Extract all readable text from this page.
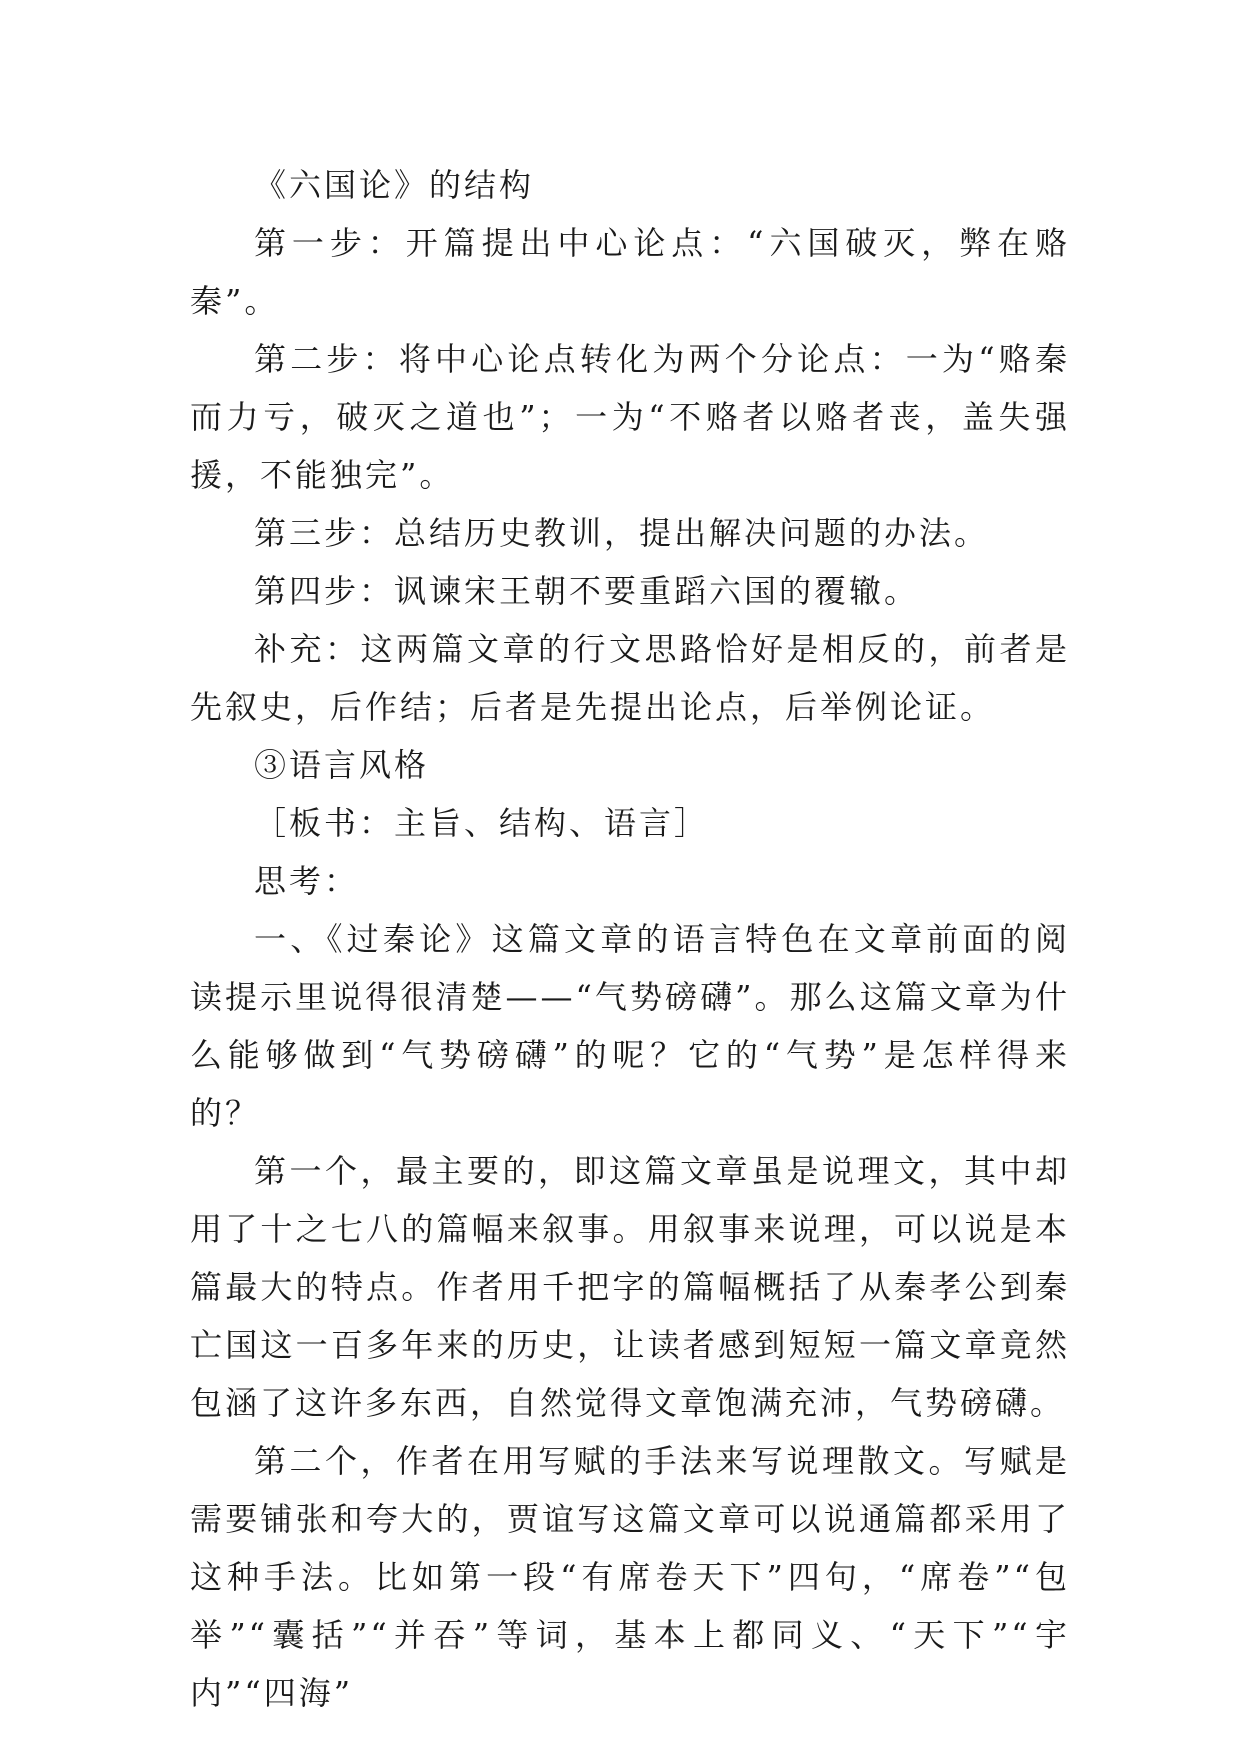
《六国论》的结构

第一步：开篇提出中心论点：“六国破灭，弊在赂秦”。

第二步：将中心论点转化为两个分论点：一为“赂秦而力亏，破灭之道也”；一为“不赂者以赂者丧，盖失强援，不能独完”。

第三步：总结历史教训，提出解决问题的办法。

第四步：讽谏宋王朝不要重蹈六国的覆辙。

补充：这两篇文章的行文思路恰好是相反的，前者是先叙史，后作结；后者是先提出论点，后举例论证。

③语言风格

［板书：主旨、结构、语言］

思考：

一、《过秦论》这篇文章的语言特色在文章前面的阅读提示里说得很清楚——“气势磅礴”。那么这篇文章为什么能够做到“气势磅礴”的呢？它的“气势”是怎样得来的？

第一个，最主要的，即这篇文章虽是说理文，其中却用了十之七八的篇幅来叙事。用叙事来说理，可以说是本篇最大的特点。作者用千把字的篇幅概括了从秦孝公到秦亡国这一百多年来的历史，让读者感到短短一篇文章竟然包涵了这许多东西，自然觉得文章饱满充沛，气势磅礴。

第二个，作者在用写赋的手法来写说理散文。写赋是需要铺张和夸大的，贾谊写这篇文章可以说通篇都采用了这种手法。比如第一段“有席卷天下”四句，“席卷”“包举”“囊括”“并吞”等词，基本上都同义、“天下”“宇内”“四海”
